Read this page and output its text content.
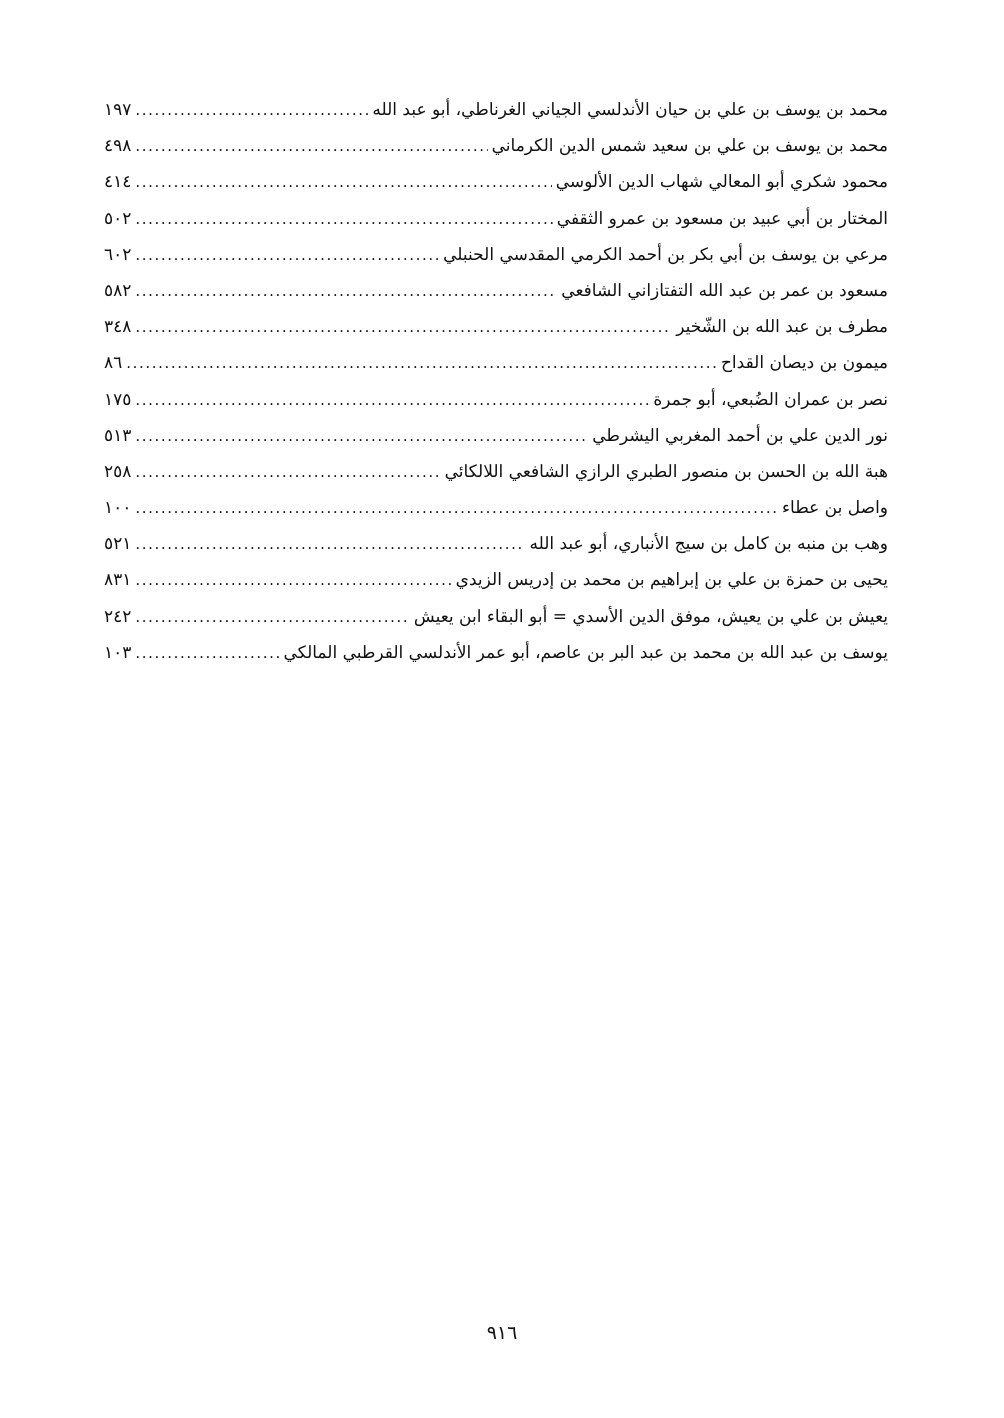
محمد بن يوسف بن علي بن حيان الأندلسي الجياني الغرناطي، أبو عبد الله
.....
١٩٧
محمد بن يوسف بن علي بن سعيد شمس الدين الكرماني
.....
٤٩٨
محمود شكري أبو المعالي شهاب الدين الألوسي
.....
٤١٤
المختار بن أبي عبيد بن مسعود بن عمرو الثقفي
.....
٥٠٢
مرعي بن يوسف بن أبي بكر بن أحمد الكرمي المقدسي الحنبلي
.....
٦٠٢
مسعود بن عمر بن عبد الله التفتازاني الشافعي
.....
٥٨٢
مطرف بن عبد الله بن الشّخير
.....
٣٤٨
ميمون بن ديصان القداح
.....
٨٦
نصر بن عمران الضُبعي، أبو جمرة
.....
١٧٥
نور الدين علي بن أحمد المغربي اليشرطي
.....
٥١٣
هبة الله بن الحسن بن منصور الطبري الرازي الشافعي اللالكائي
.....
٢٥٨
واصل بن عطاء
.....
١٠٠
وهب بن منبه بن كامل بن سيج الأنباري، أبو عبد الله
.....
٥٢١
يحيى بن حمزة بن علي بن إبراهيم بن محمد بن إدريس الزيدي
.....
٨٣١
يعيش بن علي بن يعيش، موفق الدين الأسدي = أبو البقاء ابن يعيش
.....
٢٤٢
يوسف بن عبد الله بن محمد بن عبد البر بن عاصم، أبو عمر الأندلسي القرطبي المالكي
.....
١٠٣
٩١٦
